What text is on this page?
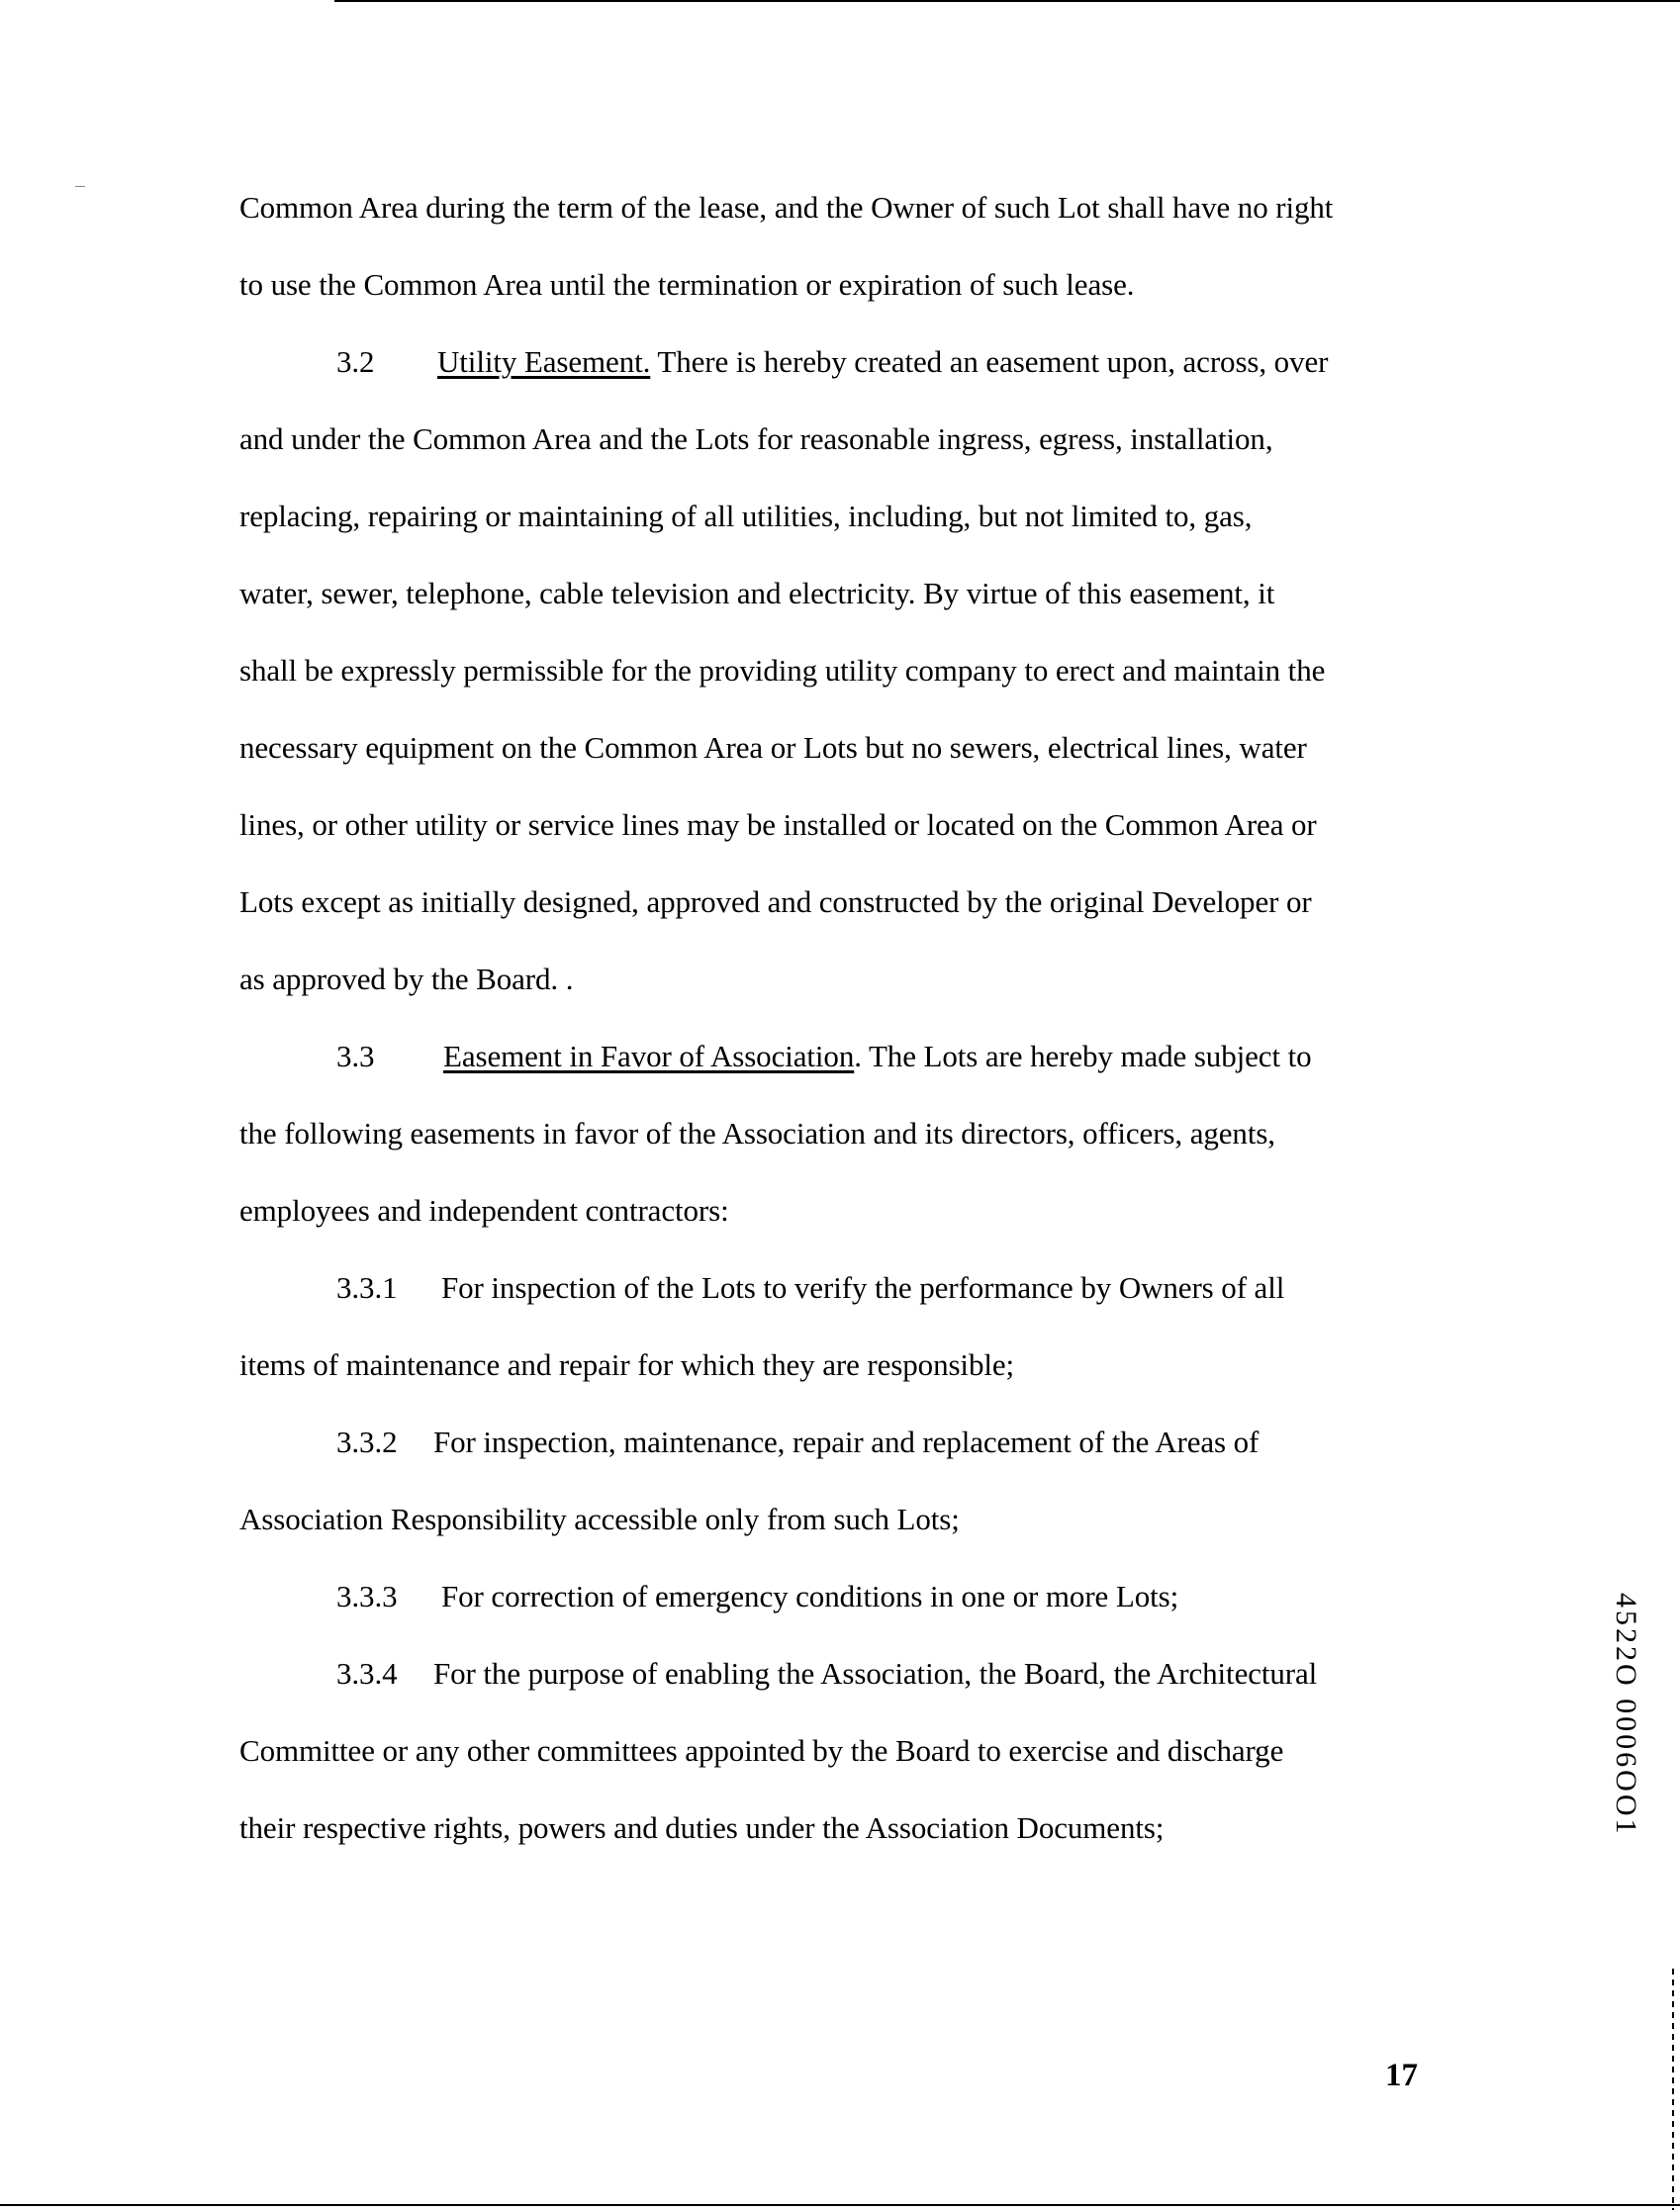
Common Area during the term of the lease, and the Owner of such Lot shall have no right
to use the Common Area until the termination or expiration of such lease.
3.2 Utility Easement. There is hereby created an easement upon, across, over
and under the Common Area and the Lots for reasonable ingress, egress, installation,
replacing, repairing or maintaining of all utilities, including, but not limited to, gas,
water, sewer, telephone, cable television and electricity. By virtue of this easement, it
shall be expressly permissible for the providing utility company to erect and maintain the
necessary equipment on the Common Area or Lots but no sewers, electrical lines, water
lines, or other utility or service lines may be installed or located on the Common Area or
Lots except as initially designed, approved and constructed by the original Developer or
as approved by the Board. .
3.3 Easement in Favor of Association. The Lots are hereby made subject to
the following easements in favor of the Association and its directors, officers, agents,
employees and independent contractors:
3.3.1 For inspection of the Lots to verify the performance by Owners of all
items of maintenance and repair for which they are responsible;
3.3.2 For inspection, maintenance, repair and replacement of the Areas of
Association Responsibility accessible only from such Lots;
3.3.3 For correction of emergency conditions in one or more Lots;
3.3.4 For the purpose of enabling the Association, the Board, the Architectural
Committee or any other committees appointed by the Board to exercise and discharge
their respective rights, powers and duties under the Association Documents;	4522O 0006OO1
17
